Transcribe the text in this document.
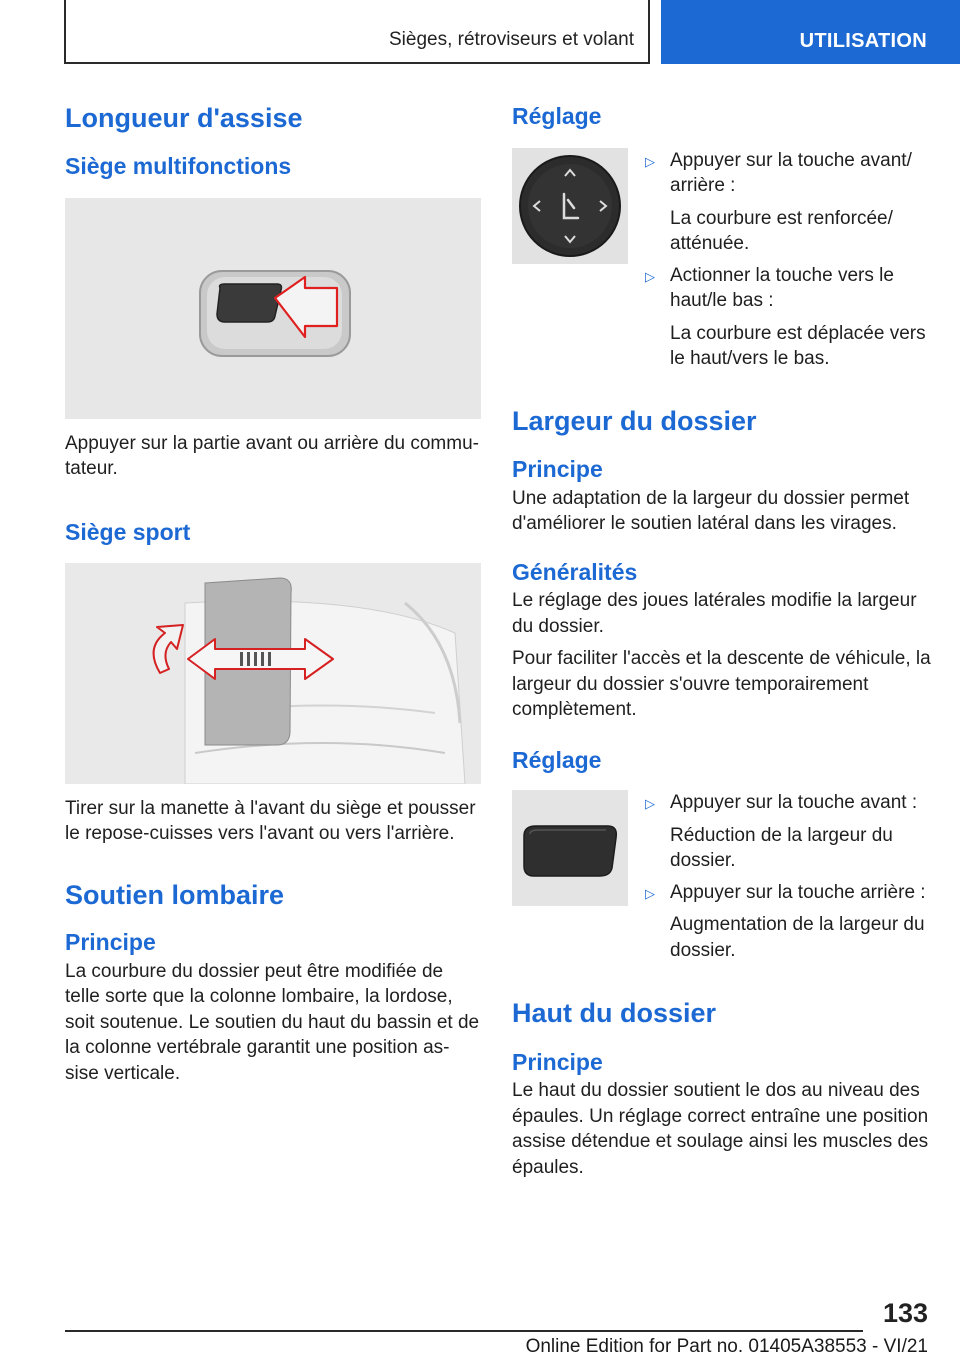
Sièges, rétroviseurs et volant	UTILISATION
Longueur d'assise
Siège multifonctions

Appuyer sur la partie avant ou arrière du commu-tateur.

Siège sport

Tirer sur la manette à l'avant du siège et pousser le repose-cuisses vers l'avant ou vers l'arrière.

Soutien lombaire
Principe

La courbure du dossier peut être modifiée de telle sorte que la colonne lombaire, la lordose, soit soutenue. Le soutien du haut du bassin et de la colonne vertébrale garantit une position as-sise verticale.

Réglage
▷ Appuyer sur la touche avant/ arrière :

La courbure est renforcée/ atténuée.

▷ Actionner la touche vers le haut/le bas :

La courbure est déplacée vers le haut/vers le bas.

Largeur du dossier
Principe

Une adaptation de la largeur du dossier permet d'améliorer le soutien latéral dans les virages.

Généralités

Le réglage des joues latérales modifie la largeur du dossier.

Pour faciliter l'accès et la descente de véhicule, la largeur du dossier s'ouvre temporairement complètement.

Réglage
▷ Appuyer sur la touche avant :

Réduction de la largeur du dossier.

▷ Appuyer sur la touche arrière :

Augmentation de la largeur du dossier.

Haut du dossier
Principe

Le haut du dossier soutient le dos au niveau des épaules. Un réglage correct entraîne une position assise détendue et soulage ainsi les muscles des épaules.

133
Online Edition for Part no. 01405A38553 - VI/21
